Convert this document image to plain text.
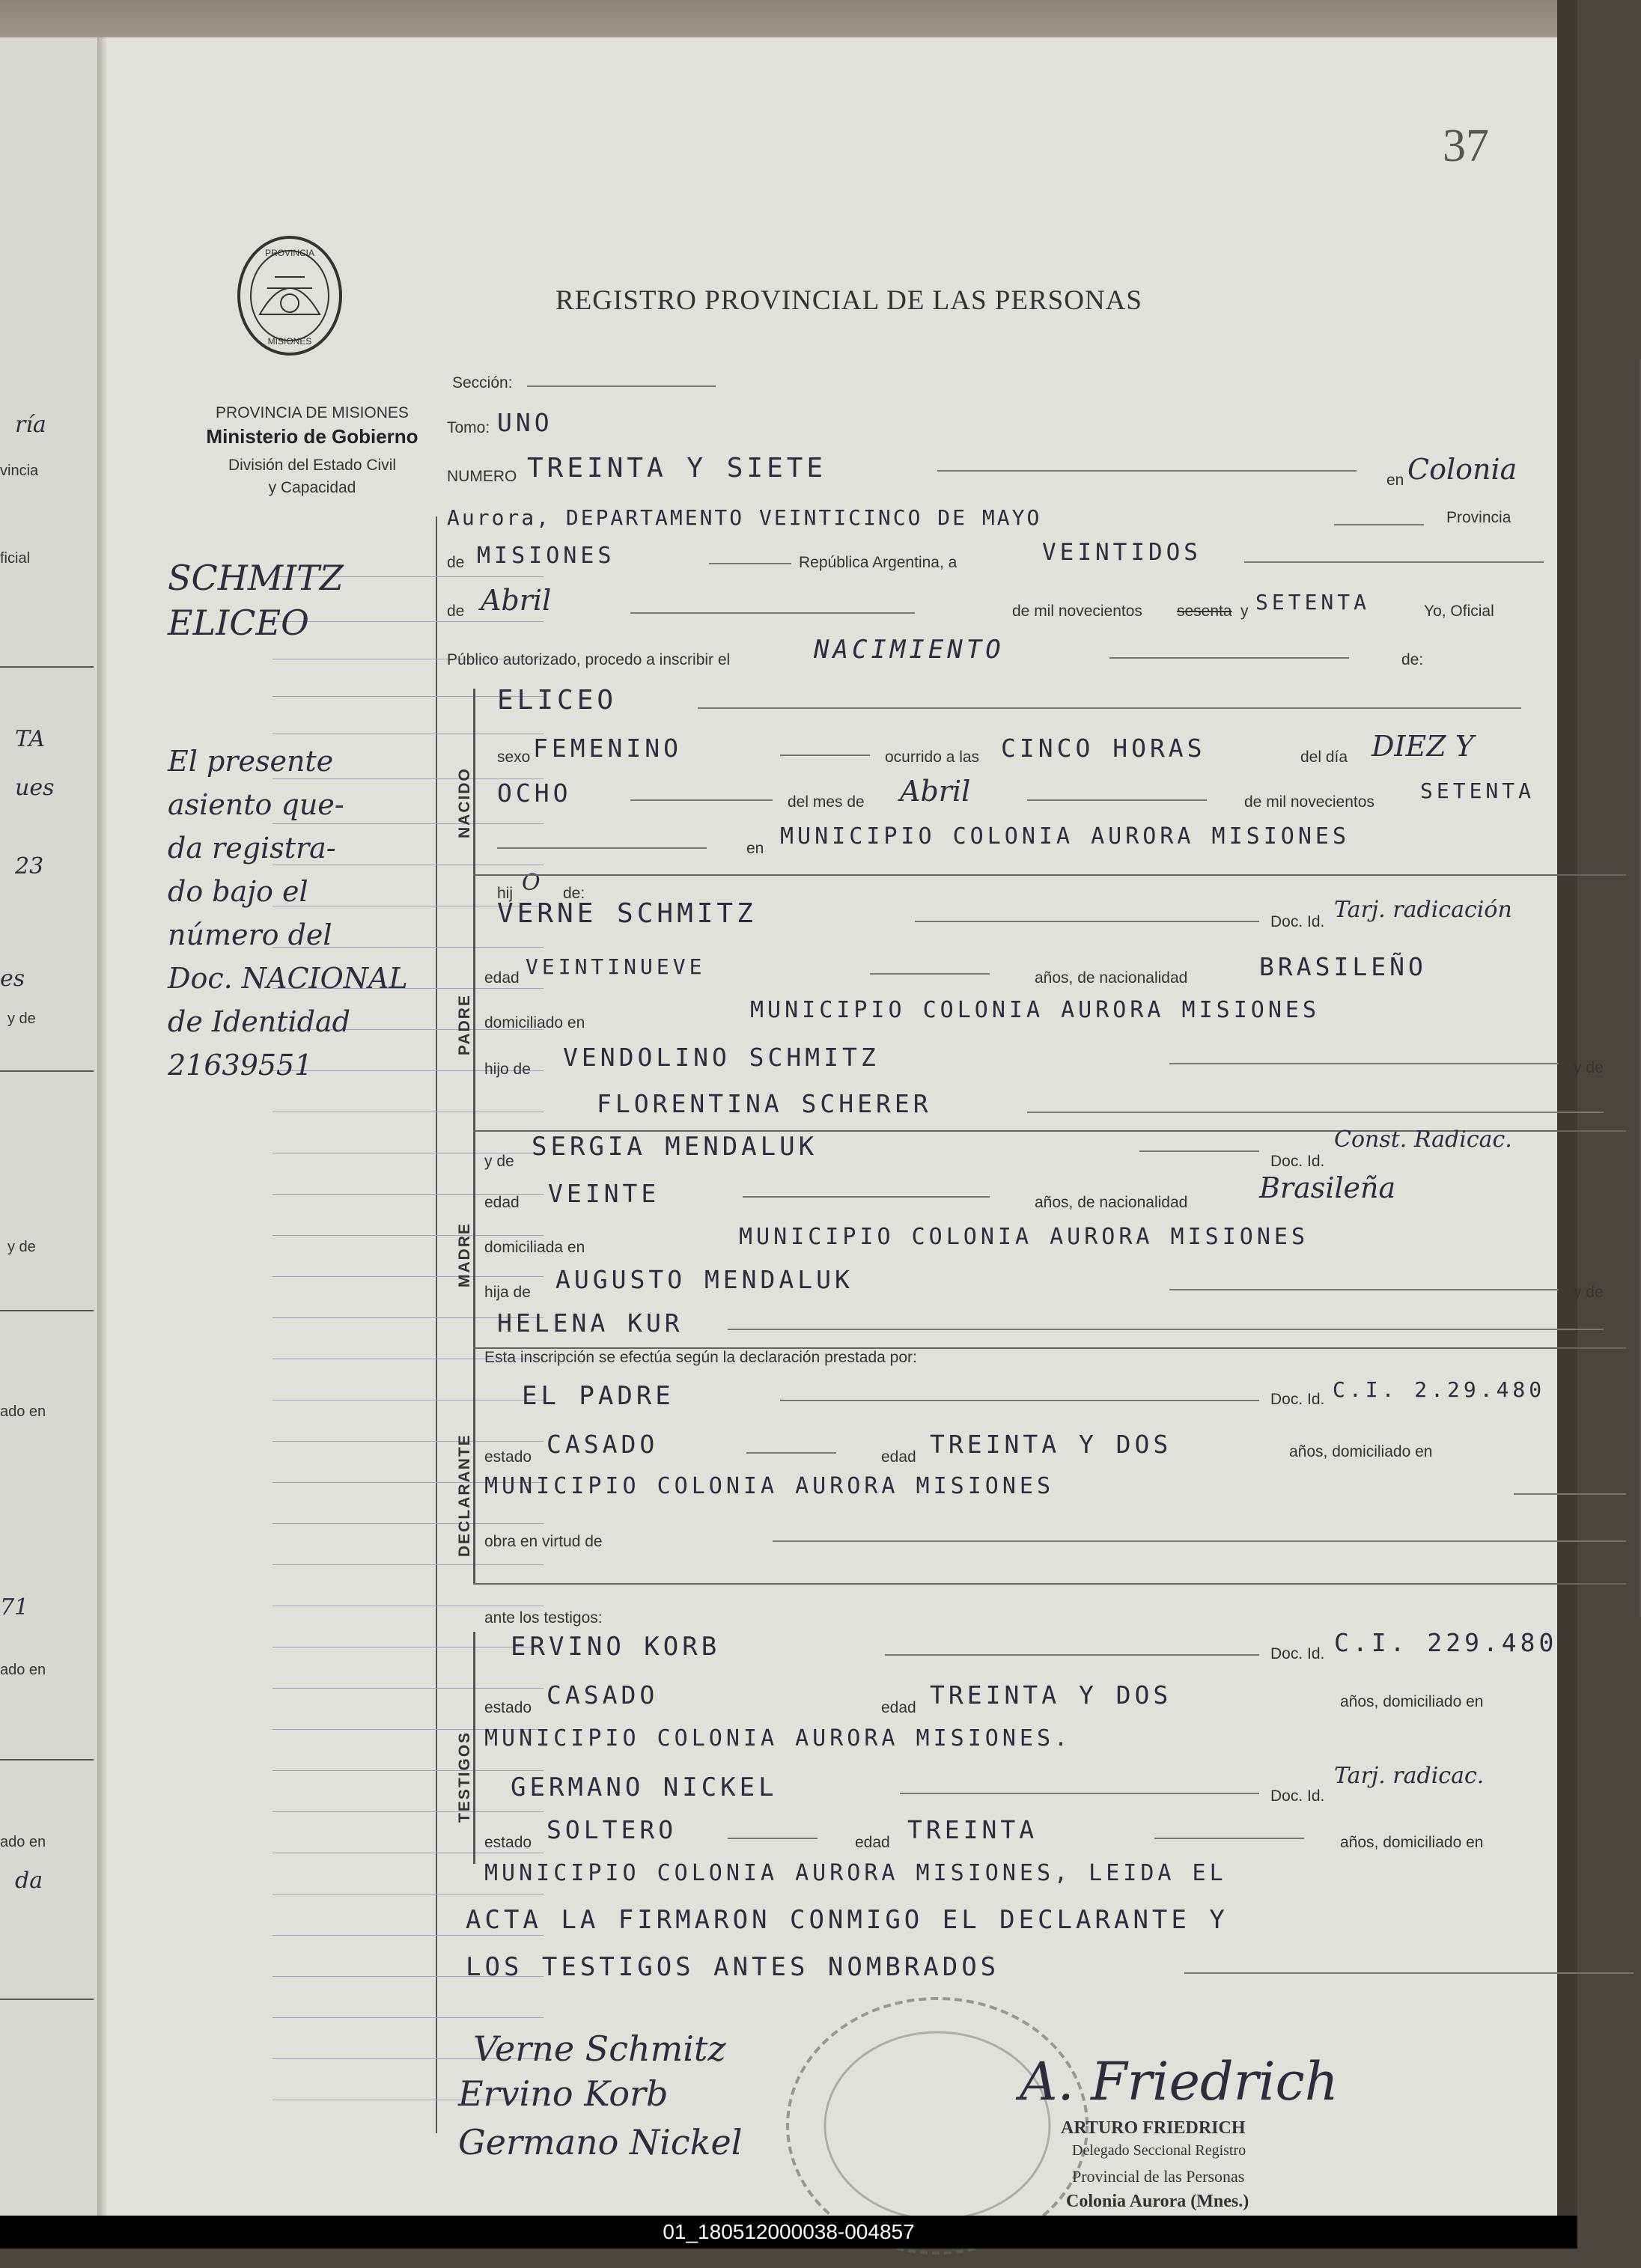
ría
vincia
ficial
TA
ues
23
es
y de
y de
ado en
71
ado en
ado en
da
37
PROVINCIA
MISIONES
REGISTRO PROVINCIAL DE LAS PERSONAS
PROVINCIA DE MISIONES
Ministerio de Gobierno
División del Estado Civil
y Capacidad
SCHMITZ
ELICEO
El presente
asiento que-
da registra-
do bajo el
número del
Doc. NACIONAL
de Identidad
21639551
Sección:
Tomo: UNO
NUMERO TREINTA Y SIETE	en Colonia
Aurora, DEPARTAMENTO VEINTICINCO DE MAYO	Provincia
de MISIONES	República Argentina, a	VEINTIDOS
de Abril	de mil novecientos sesenta y SETENTA	Yo, Oficial
Público autorizado, procedo a inscribir el	NACIMIENTO	de:
NACIDO
ELICEO
sexo FEMENINO	ocurrido a las CINCO HORAS	del día DIEZ Y
OCHO	del mes de Abril	de mil novecientos SETENTA
en MUNICIPIO COLONIA AURORA MISIONES
hij O de:
PADRE
VERNE SCHMITZ	Doc. Id. Tarj. radicación
edad VEINTINUEVE	años, de nacionalidad	BRASILEÑO
domiciliado en	MUNICIPIO COLONIA AURORA MISIONES
hijo de VENDOLINO SCHMITZ	y de
FLORENTINA SCHERER
MADRE
y de SERGIA MENDALUK	Doc. Id.
Const. Radicac.
edad VEINTE	años, de nacionalidad	Brasileña
domiciliada en	MUNICIPIO COLONIA AURORA MISIONES
hija de AUGUSTO MENDALUK	y de
HELENA KUR
Esta inscripción se efectúa según la declaración prestada por:
DECLARANTE
EL PADRE	Doc. Id. C.I. 2.29.480
estado CASADO	edad TREINTA Y DOS	años, domiciliado en
MUNICIPIO COLONIA AURORA MISIONES
obra en virtud de
ante los testigos:
TESTIGOS
ERVINO KORB	Doc. Id. C.I. 229.480
estado CASADO	edad TREINTA Y DOS	años, domiciliado en
MUNICIPIO COLONIA AURORA MISIONES.
GERMANO NICKEL	Doc. Id.
Tarj. radicac.
estado SOLTERO	edad TREINTA	años, domiciliado en
MUNICIPIO COLONIA AURORA MISIONES, LEIDA EL
ACTA LA FIRMARON CONMIGO EL DECLARANTE Y
LOS TESTIGOS ANTES NOMBRADOS
Verne Schmitz
Ervino Korb
Germano Nickel
A. Friedrich
ARTURO FRIEDRICH
Delegado Seccional Registro
Provincial de las Personas
Colonia Aurora (Mnes.)
01_180512000038-004857
